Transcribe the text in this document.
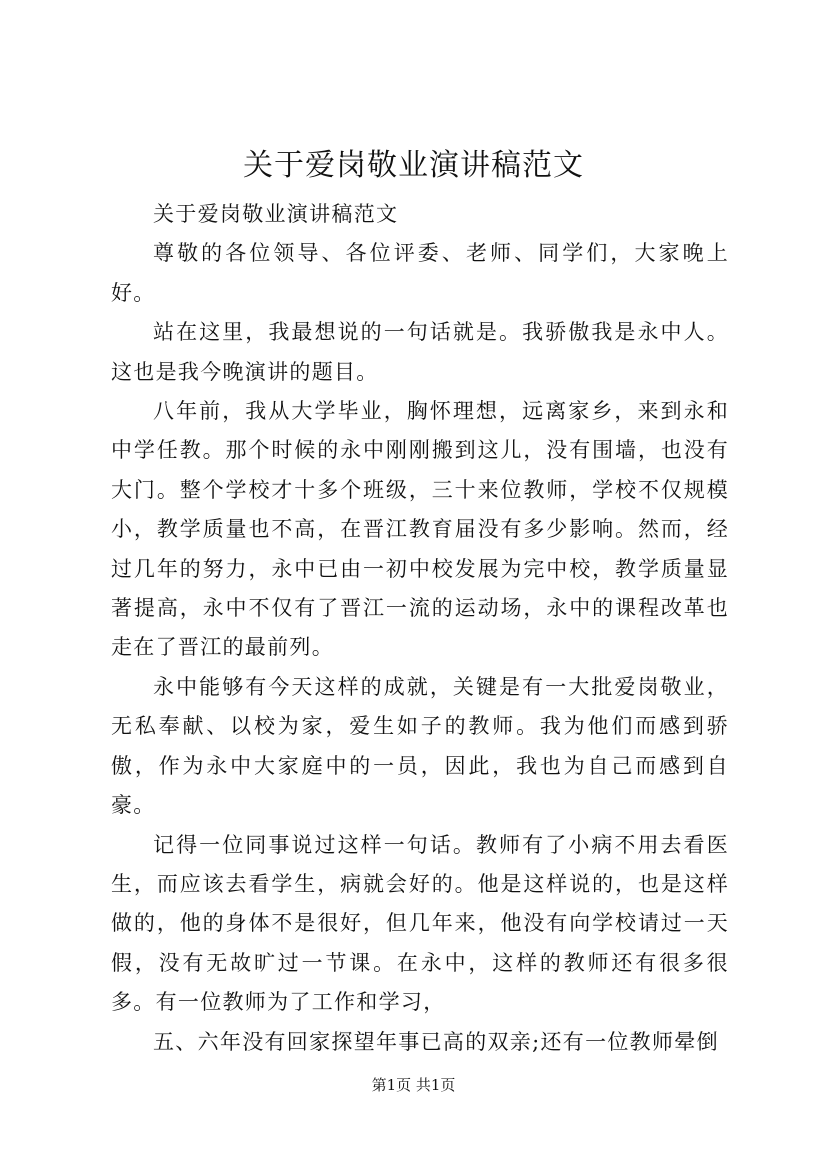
关于爱岗敬业演讲稿范文

关于爱岗敬业演讲稿范文

尊敬的各位领导、各位评委、老师、同学们，大家晚上好。

站在这里，我最想说的一句话就是。我骄傲我是永中人。这也是我今晚演讲的题目。

八年前，我从大学毕业，胸怀理想，远离家乡，来到永和中学任教。那个时候的永中刚刚搬到这儿，没有围墙，也没有大门。整个学校才十多个班级，三十来位教师，学校不仅规模小，教学质量也不高，在晋江教育届没有多少影响。然而，经过几年的努力，永中已由一初中校发展为完中校，教学质量显著提高，永中不仅有了晋江一流的运动场，永中的课程改革也走在了晋江的最前列。

永中能够有今天这样的成就，关键是有一大批爱岗敬业，无私奉献、以校为家，爱生如子的教师。我为他们而感到骄傲，作为永中大家庭中的一员，因此，我也为自己而感到自豪。

记得一位同事说过这样一句话。教师有了小病不用去看医生，而应该去看学生，病就会好的。他是这样说的，也是这样做的，他的身体不是很好，但几年来，他没有向学校请过一天假，没有无故旷过一节课。在永中，这样的教师还有很多很多。有一位教师为了工作和学习，

五、六年没有回家探望年事已高的双亲;还有一位教师晕倒

第1页 共1页
